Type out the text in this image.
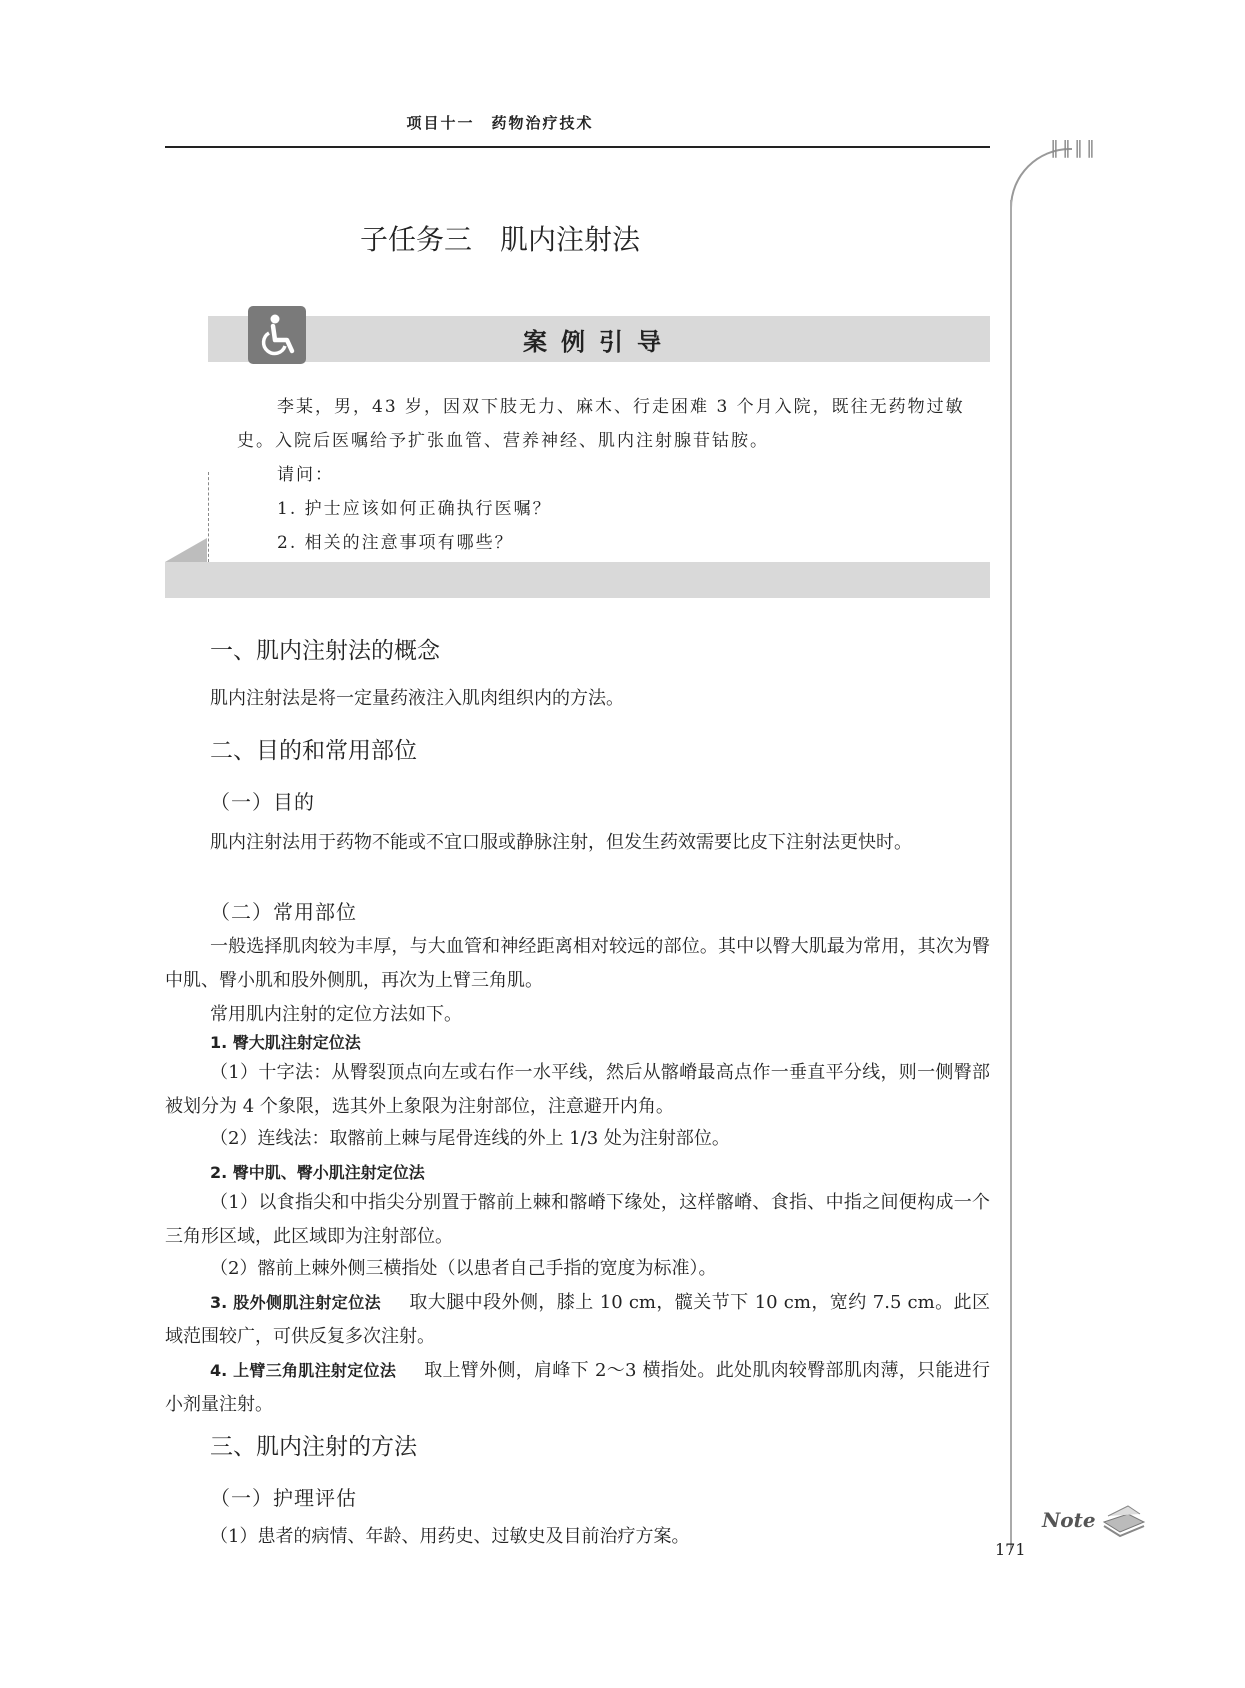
项目十一　药物治疗技术
∥∥∥∥
子任务三　肌内注射法
案例引导
李某，男，43 岁，因双下肢无力、麻木、行走困难 3 个月入院，既往无药物过敏史。入院后医嘱给予扩张血管、营养神经、肌内注射腺苷钴胺。
请问：
1. 护士应该如何正确执行医嘱？
2. 相关的注意事项有哪些？
一、肌内注射法的概念
肌内注射法是将一定量药液注入肌肉组织内的方法。
二、目的和常用部位
（一）目的
肌内注射法用于药物不能或不宜口服或静脉注射，但发生药效需要比皮下注射法更快时。
（二）常用部位
一般选择肌肉较为丰厚，与大血管和神经距离相对较远的部位。其中以臀大肌最为常用，其次为臀中肌、臀小肌和股外侧肌，再次为上臂三角肌。
常用肌内注射的定位方法如下。
1. 臀大肌注射定位法
（1）十字法：从臀裂顶点向左或右作一水平线，然后从髂嵴最高点作一垂直平分线，则一侧臀部被划分为 4 个象限，选其外上象限为注射部位，注意避开内角。
（2）连线法：取髂前上棘与尾骨连线的外上 1/3 处为注射部位。
2. 臀中肌、臀小肌注射定位法
（1）以食指尖和中指尖分别置于髂前上棘和髂嵴下缘处，这样髂嵴、食指、中指之间便构成一个三角形区域，此区域即为注射部位。
（2）髂前上棘外侧三横指处（以患者自己手指的宽度为标准）。
3. 股外侧肌注射定位法 取大腿中段外侧，膝上 10 cm，髋关节下 10 cm，宽约 7.5 cm。此区域范围较广，可供反复多次注射。
4. 上臂三角肌注射定位法 取上臂外侧，肩峰下 2～3 横指处。此处肌肉较臀部肌肉薄，只能进行小剂量注射。
三、肌内注射的方法
（一）护理评估
（1）患者的病情、年龄、用药史、过敏史及目前治疗方案。
Note
171
